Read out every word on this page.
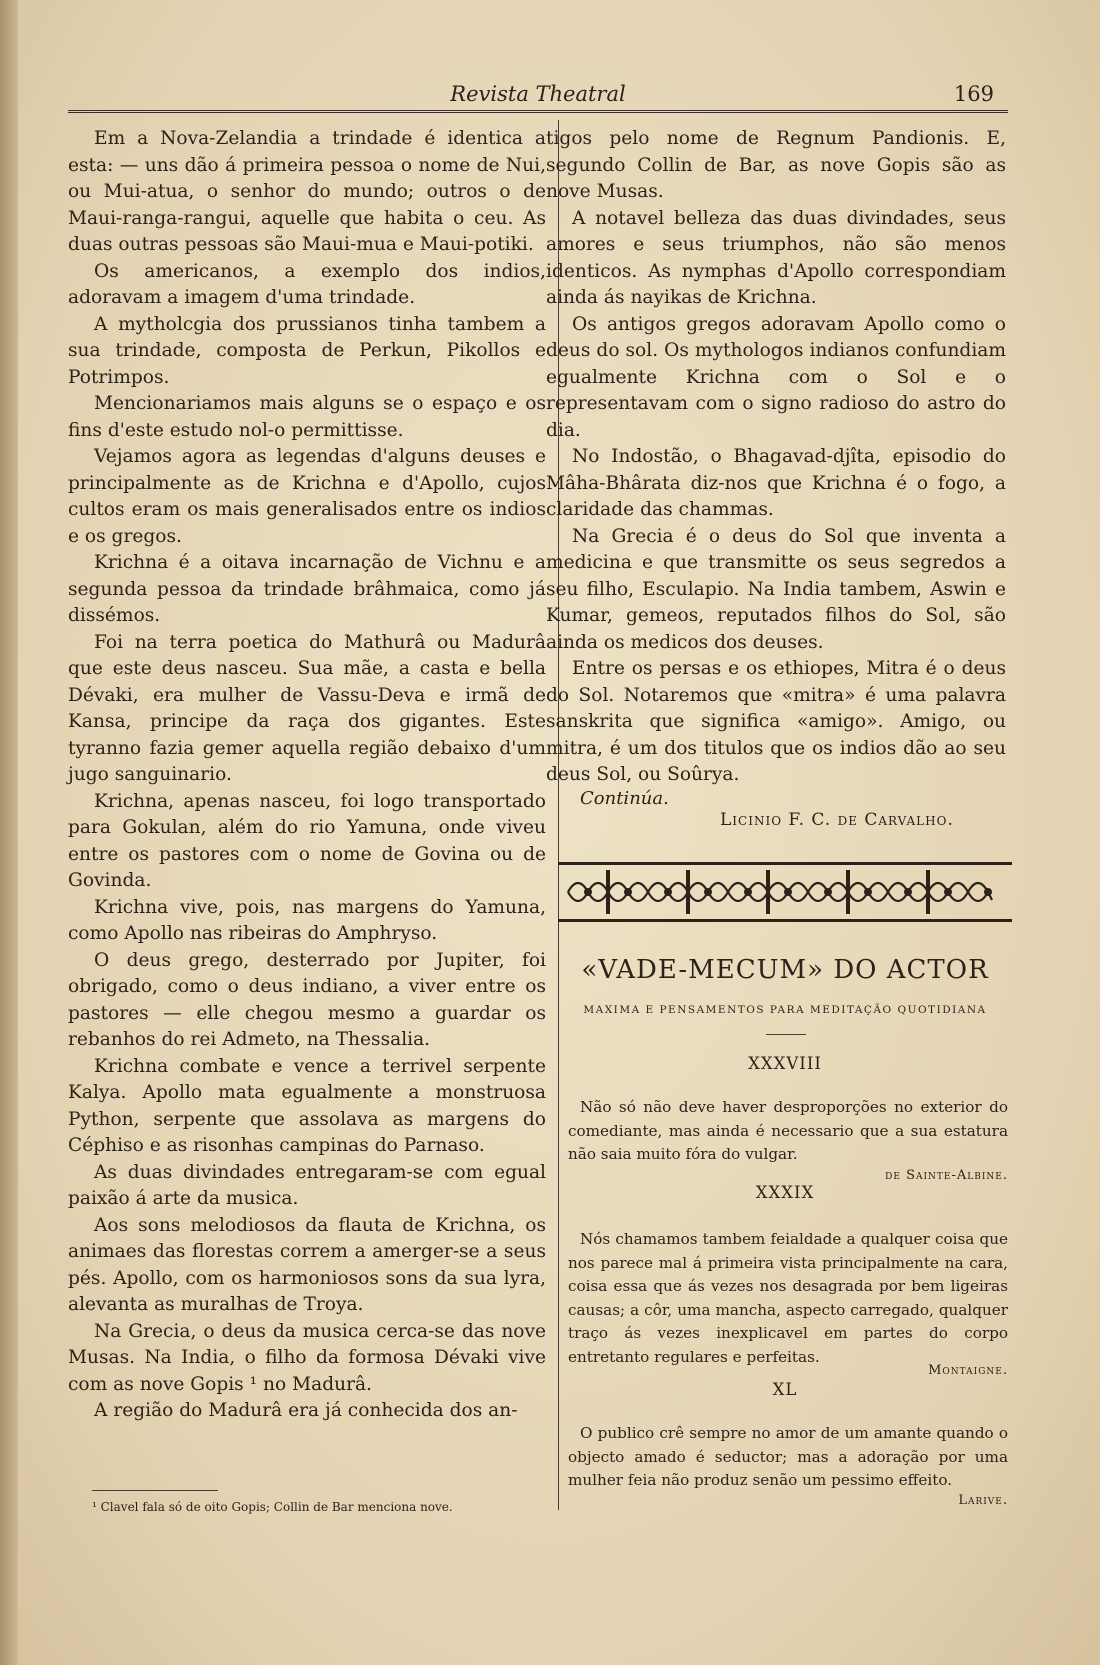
Revista Theatral	169

Em a Nova-Zelandia a trindade é identica a esta: — uns dão á primeira pessoa o nome de Nui, ou Mui-atua, o senhor do mundo; outros o de Maui-ranga-rangui, aquelle que habita o ceu. As duas outras pessoas são Maui-mua e Maui-potiki.

Os americanos, a exemplo dos indios, adoravam a imagem d'uma trindade.

A mytholcgia dos prussianos tinha tambem a sua trindade, composta de Perkun, Pikollos e Potrimpos.

Mencionariamos mais alguns se o espaço e os fins d'este estudo nol-o permittisse.

Vejamos agora as legendas d'alguns deuses e principalmente as de Krichna e d'Apollo, cujos cultos eram os mais generalisados entre os indios e os gregos.

Krichna é a oitava incarnação de Vichnu e a segunda pessoa da trindade brâhmaica, como já dissémos.

Foi na terra poetica do Mathurâ ou Madurâ que este deus nasceu. Sua mãe, a casta e bella Dévaki, era mulher de Vassu-Deva e irmã de Kansa, principe da raça dos gigantes. Este tyranno fazia gemer aquella região debaixo d'um jugo sanguinario.

Krichna, apenas nasceu, foi logo transportado para Gokulan, além do rio Yamuna, onde viveu entre os pastores com o nome de Govina ou de Govinda.

Krichna vive, pois, nas margens do Yamuna, como Apollo nas ribeiras do Amphryso.

O deus grego, desterrado por Jupiter, foi obrigado, como o deus indiano, a viver entre os pastores — elle chegou mesmo a guardar os rebanhos do rei Admeto, na Thessalia.

Krichna combate e vence a terrivel serpente Kalya. Apollo mata egualmente a monstruosa Python, serpente que assolava as margens do Céphiso e as risonhas campinas do Parnaso.

As duas divindades entregaram-se com egual paixão á arte da musica.

Aos sons melodiosos da flauta de Krichna, os animaes das florestas correm a amerger-se a seus pés. Apollo, com os harmoniosos sons da sua lyra, alevanta as muralhas de Troya.

Na Grecia, o deus da musica cerca-se das nove Musas. Na India, o filho da formosa Dévaki vive com as nove Gopis ¹ no Madurâ.

A região do Madurâ era já conhecida dos an-

tigos pelo nome de Regnum Pandionis. E, segundo Collin de Bar, as nove Gopis são as nove Musas.

A notavel belleza das duas divindades, seus amores e seus triumphos, não são menos identicos. As nymphas d'Apollo correspondiam ainda ás nayikas de Krichna.

Os antigos gregos adoravam Apollo como o deus do sol. Os mythologos indianos confundiam egualmente Krichna com o Sol e o representavam com o signo radioso do astro do dia.

No Indostão, o Bhagavad-djîta, episodio do Mâha-Bhârata diz-nos que Krichna é o fogo, a claridade das chammas.

Na Grecia é o deus do Sol que inventa a medicina e que transmitte os seus segredos a seu filho, Esculapio. Na India tambem, Aswin e Kumar, gemeos, reputados filhos do Sol, são ainda os medicos dos deuses.

Entre os persas e os ethiopes, Mitra é o deus do Sol. Notaremos que «mitra» é uma palavra sanskrita que significa «amigo». Amigo, ou mitra, é um dos titulos que os indios dão ao seu deus Sol, ou Soûrya.

Continúa.
Licinio F. C. de Carvalho.
«VADE-MECUM» DO ACTOR
MAXIMA E PENSAMENTOS PARA MEDITAÇÃO QUOTIDIANA
XXXVIII

Não só não deve haver desproporções no exterior do comediante, mas ainda é necessario que a sua estatura não saia muito fóra do vulgar.

de Sainte-Albine.
XXXIX

Nós chamamos tambem feialdade a qualquer coisa que nos parece mal á primeira vista principalmente na cara, coisa essa que ás vezes nos desagrada por bem ligeiras causas; a côr, uma mancha, aspecto carregado, qualquer traço ás vezes inexplicavel em partes do corpo entretanto regulares e perfeitas.

Montaigne.
XL

O publico crê sempre no amor de um amante quando o objecto amado é seductor; mas a adoração por uma mulher feia não produz senão um pessimo effeito.

Larive.
¹ Clavel fala só de oito Gopis; Collin de Bar menciona nove.
